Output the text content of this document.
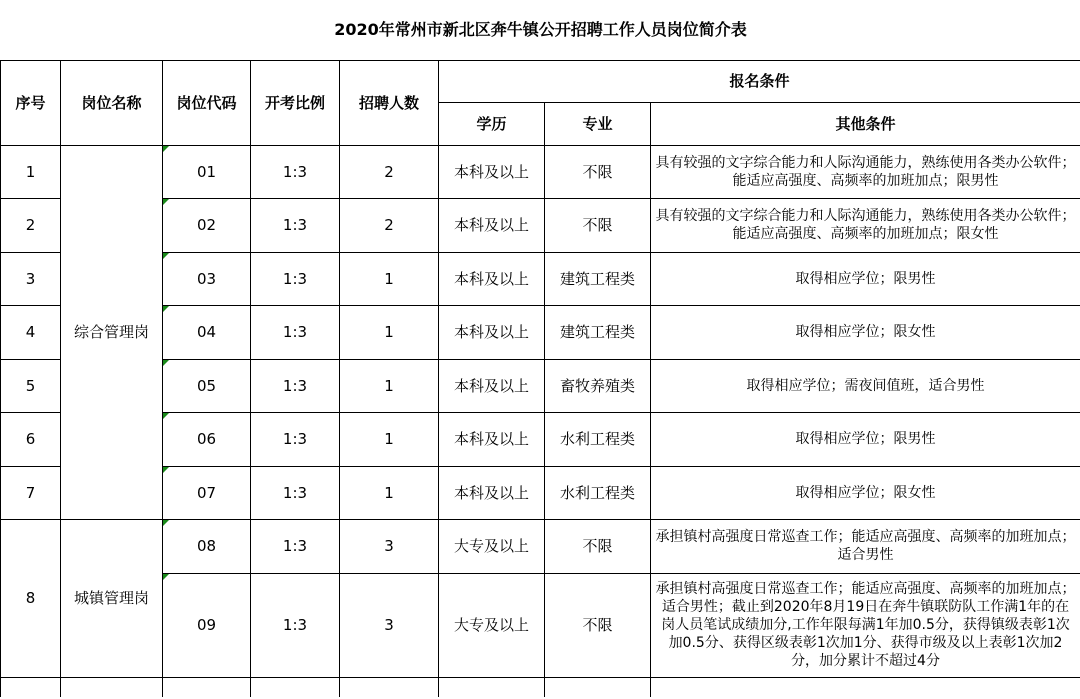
2020年常州市新北区奔牛镇公开招聘工作人员岗位简介表							
序号	岗位名称	岗位代码	开考比例	招聘人数	报名条件		
					学历	专业	其他条件
1	综合管理岗	01	1:3	2	本科及以上	不限	具有较强的文字综合能力和人际沟通能力，熟练使用各类办公软件；能适应高强度、高频率的加班加点；限男性
2		02	1:3	2	本科及以上	不限	具有较强的文字综合能力和人际沟通能力，熟练使用各类办公软件；能适应高强度、高频率的加班加点；限女性
3		03	1:3	1	本科及以上	建筑工程类	取得相应学位；限男性
4		04	1:3	1	本科及以上	建筑工程类	取得相应学位；限女性
5		05	1:3	1	本科及以上	畜牧养殖类	取得相应学位；需夜间值班，适合男性
6		06	1:3	1	本科及以上	水利工程类	取得相应学位；限男性
7		07	1:3	1	本科及以上	水利工程类	取得相应学位；限女性
8	城镇管理岗	08	1:3	3	大专及以上	不限	承担镇村高强度日常巡查工作；能适应高强度、高频率的加班加点；适合男性
		09	1:3	3	大专及以上	不限	承担镇村高强度日常巡查工作；能适应高强度、高频率的加班加点；适合男性；截止到2020年8月19日在奔牛镇联防队工作满1年的在岗人员笔试成绩加分,工作年限每满1年加0.5分，获得镇级表彰1次加0.5分、获得区级表彰1次加1分、获得市级及以上表彰1次加2分，加分累计不超过4分
